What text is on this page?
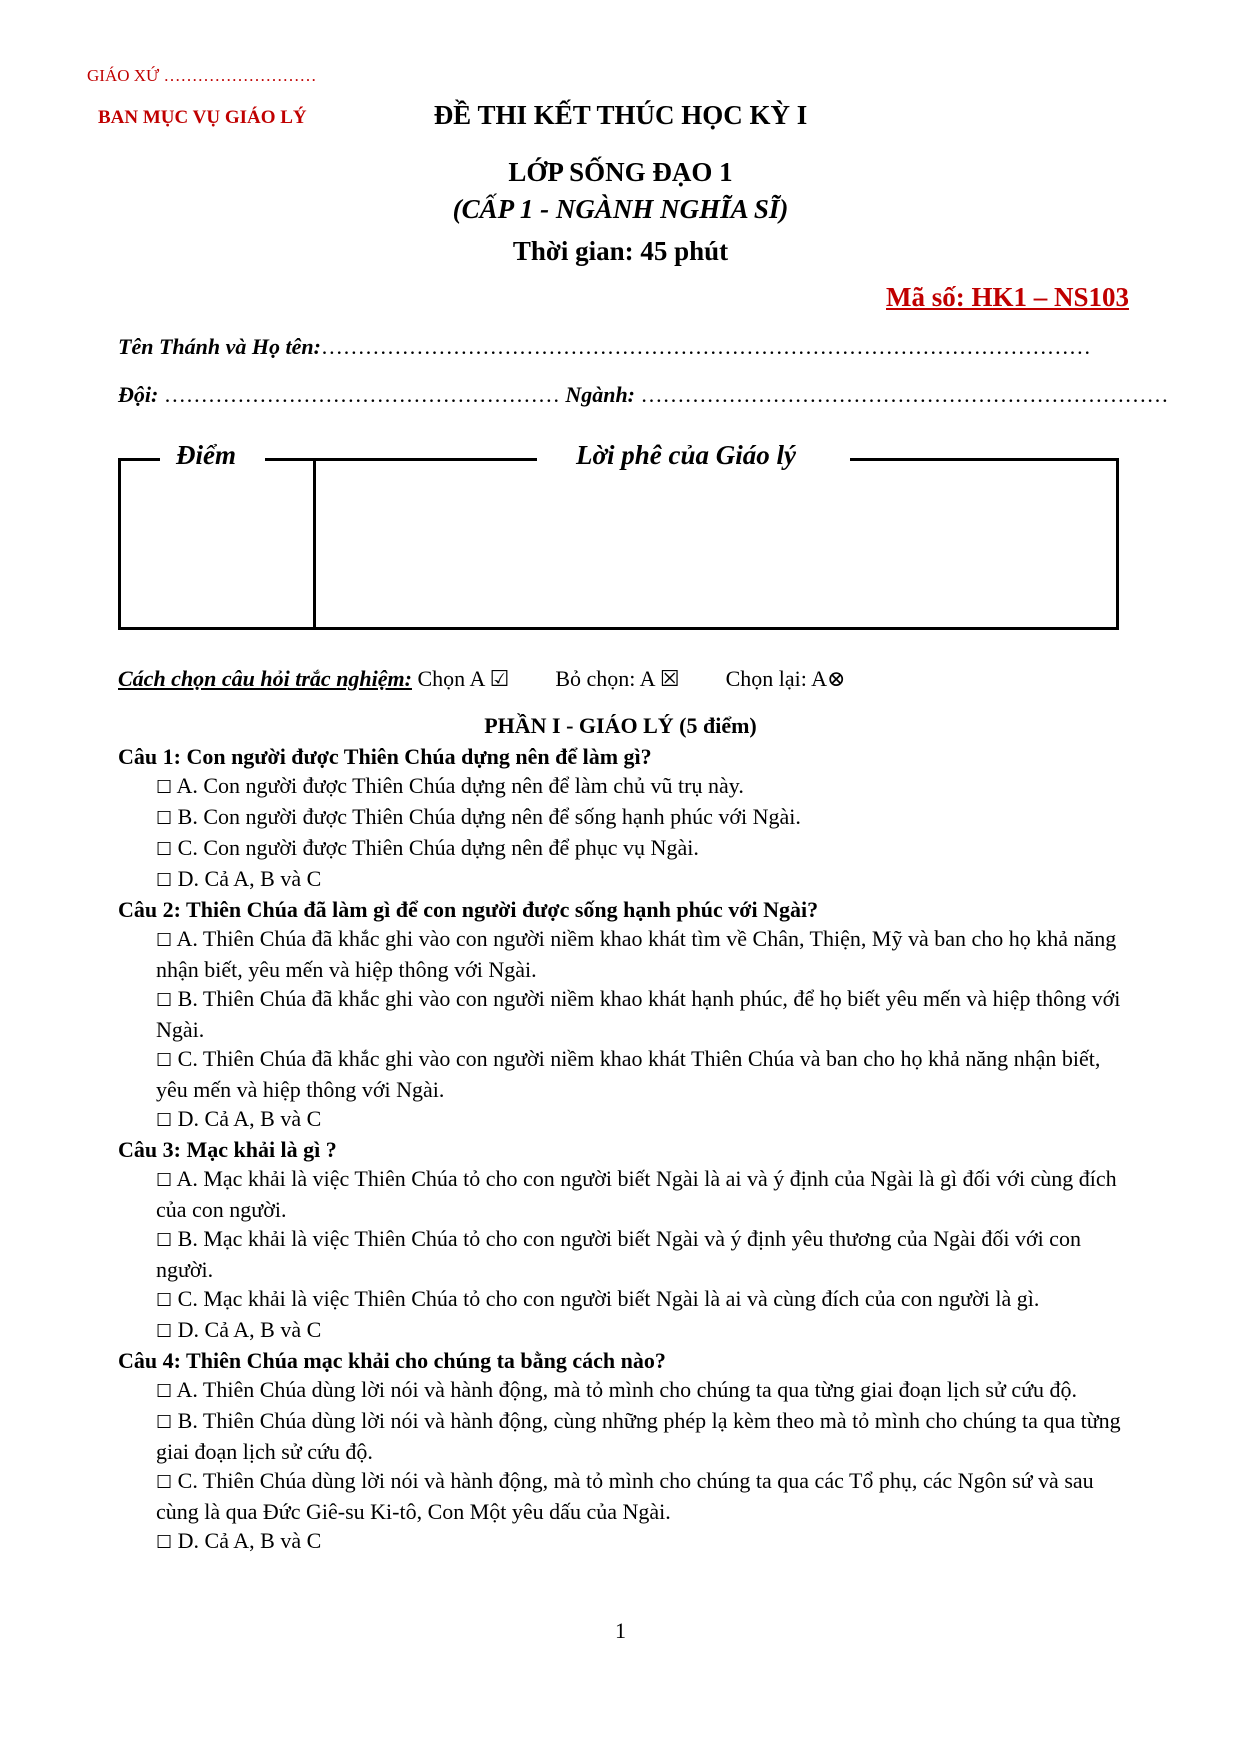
GIÁO XỨ ………………………
BAN MỤC VỤ GIÁO LÝ	ĐỀ THI KẾT THÚC HỌC KỲ I
LỚP SỐNG ĐẠO 1
(CẤP 1 - NGÀNH NGHĨA SĨ)
Thời gian: 45 phút
Mã số: HK1 – NS103
Tên Thánh và Họ tên:……………………………………………………………………………………………
Đội: ……………………………………………… Ngành: ………………………………………………………………
Điểm	Lời phê của Giáo lý
Cách chọn câu hỏi trắc nghiệm: Chọn A ☑ Bỏ chọn: A ☒ Chọn lại: A⊗
PHẦN I - GIÁO LÝ (5 điểm)

Câu 1: Con người được Thiên Chúa dựng nên để làm gì?

☐ A. Con người được Thiên Chúa dựng nên để làm chủ vũ trụ này.

☐ B. Con người được Thiên Chúa dựng nên để sống hạnh phúc với Ngài.

☐ C. Con người được Thiên Chúa dựng nên để phục vụ Ngài.

☐ D. Cả A, B và C

Câu 2: Thiên Chúa đã làm gì để con người được sống hạnh phúc với Ngài?

☐ A. Thiên Chúa đã khắc ghi vào con người niềm khao khát tìm về Chân, Thiện, Mỹ và ban cho họ khả năng nhận biết, yêu mến và hiệp thông với Ngài.

☐ B. Thiên Chúa đã khắc ghi vào con người niềm khao khát hạnh phúc, để họ biết yêu mến và hiệp thông với Ngài.

☐ C. Thiên Chúa đã khắc ghi vào con người niềm khao khát Thiên Chúa và ban cho họ khả năng nhận biết, yêu mến và hiệp thông với Ngài.

☐ D. Cả A, B và C

Câu 3: Mạc khải là gì ?

☐ A. Mạc khải là việc Thiên Chúa tỏ cho con người biết Ngài là ai và ý định của Ngài là gì đối với cùng đích của con người.

☐ B. Mạc khải là việc Thiên Chúa tỏ cho con người biết Ngài và ý định yêu thương của Ngài đối với con người.

☐ C. Mạc khải là việc Thiên Chúa tỏ cho con người biết Ngài là ai và cùng đích của con người là gì.

☐ D. Cả A, B và C

Câu 4: Thiên Chúa mạc khải cho chúng ta bằng cách nào?

☐ A. Thiên Chúa dùng lời nói và hành động, mà tỏ mình cho chúng ta qua từng giai đoạn lịch sử cứu độ.

☐ B. Thiên Chúa dùng lời nói và hành động, cùng những phép lạ kèm theo mà tỏ mình cho chúng ta qua từng giai đoạn lịch sử cứu độ.

☐ C. Thiên Chúa dùng lời nói và hành động, mà tỏ mình cho chúng ta qua các Tổ phụ, các Ngôn sứ và sau cùng là qua Đức Giê-su Ki-tô, Con Một yêu dấu của Ngài.

☐ D. Cả A, B và C

1
